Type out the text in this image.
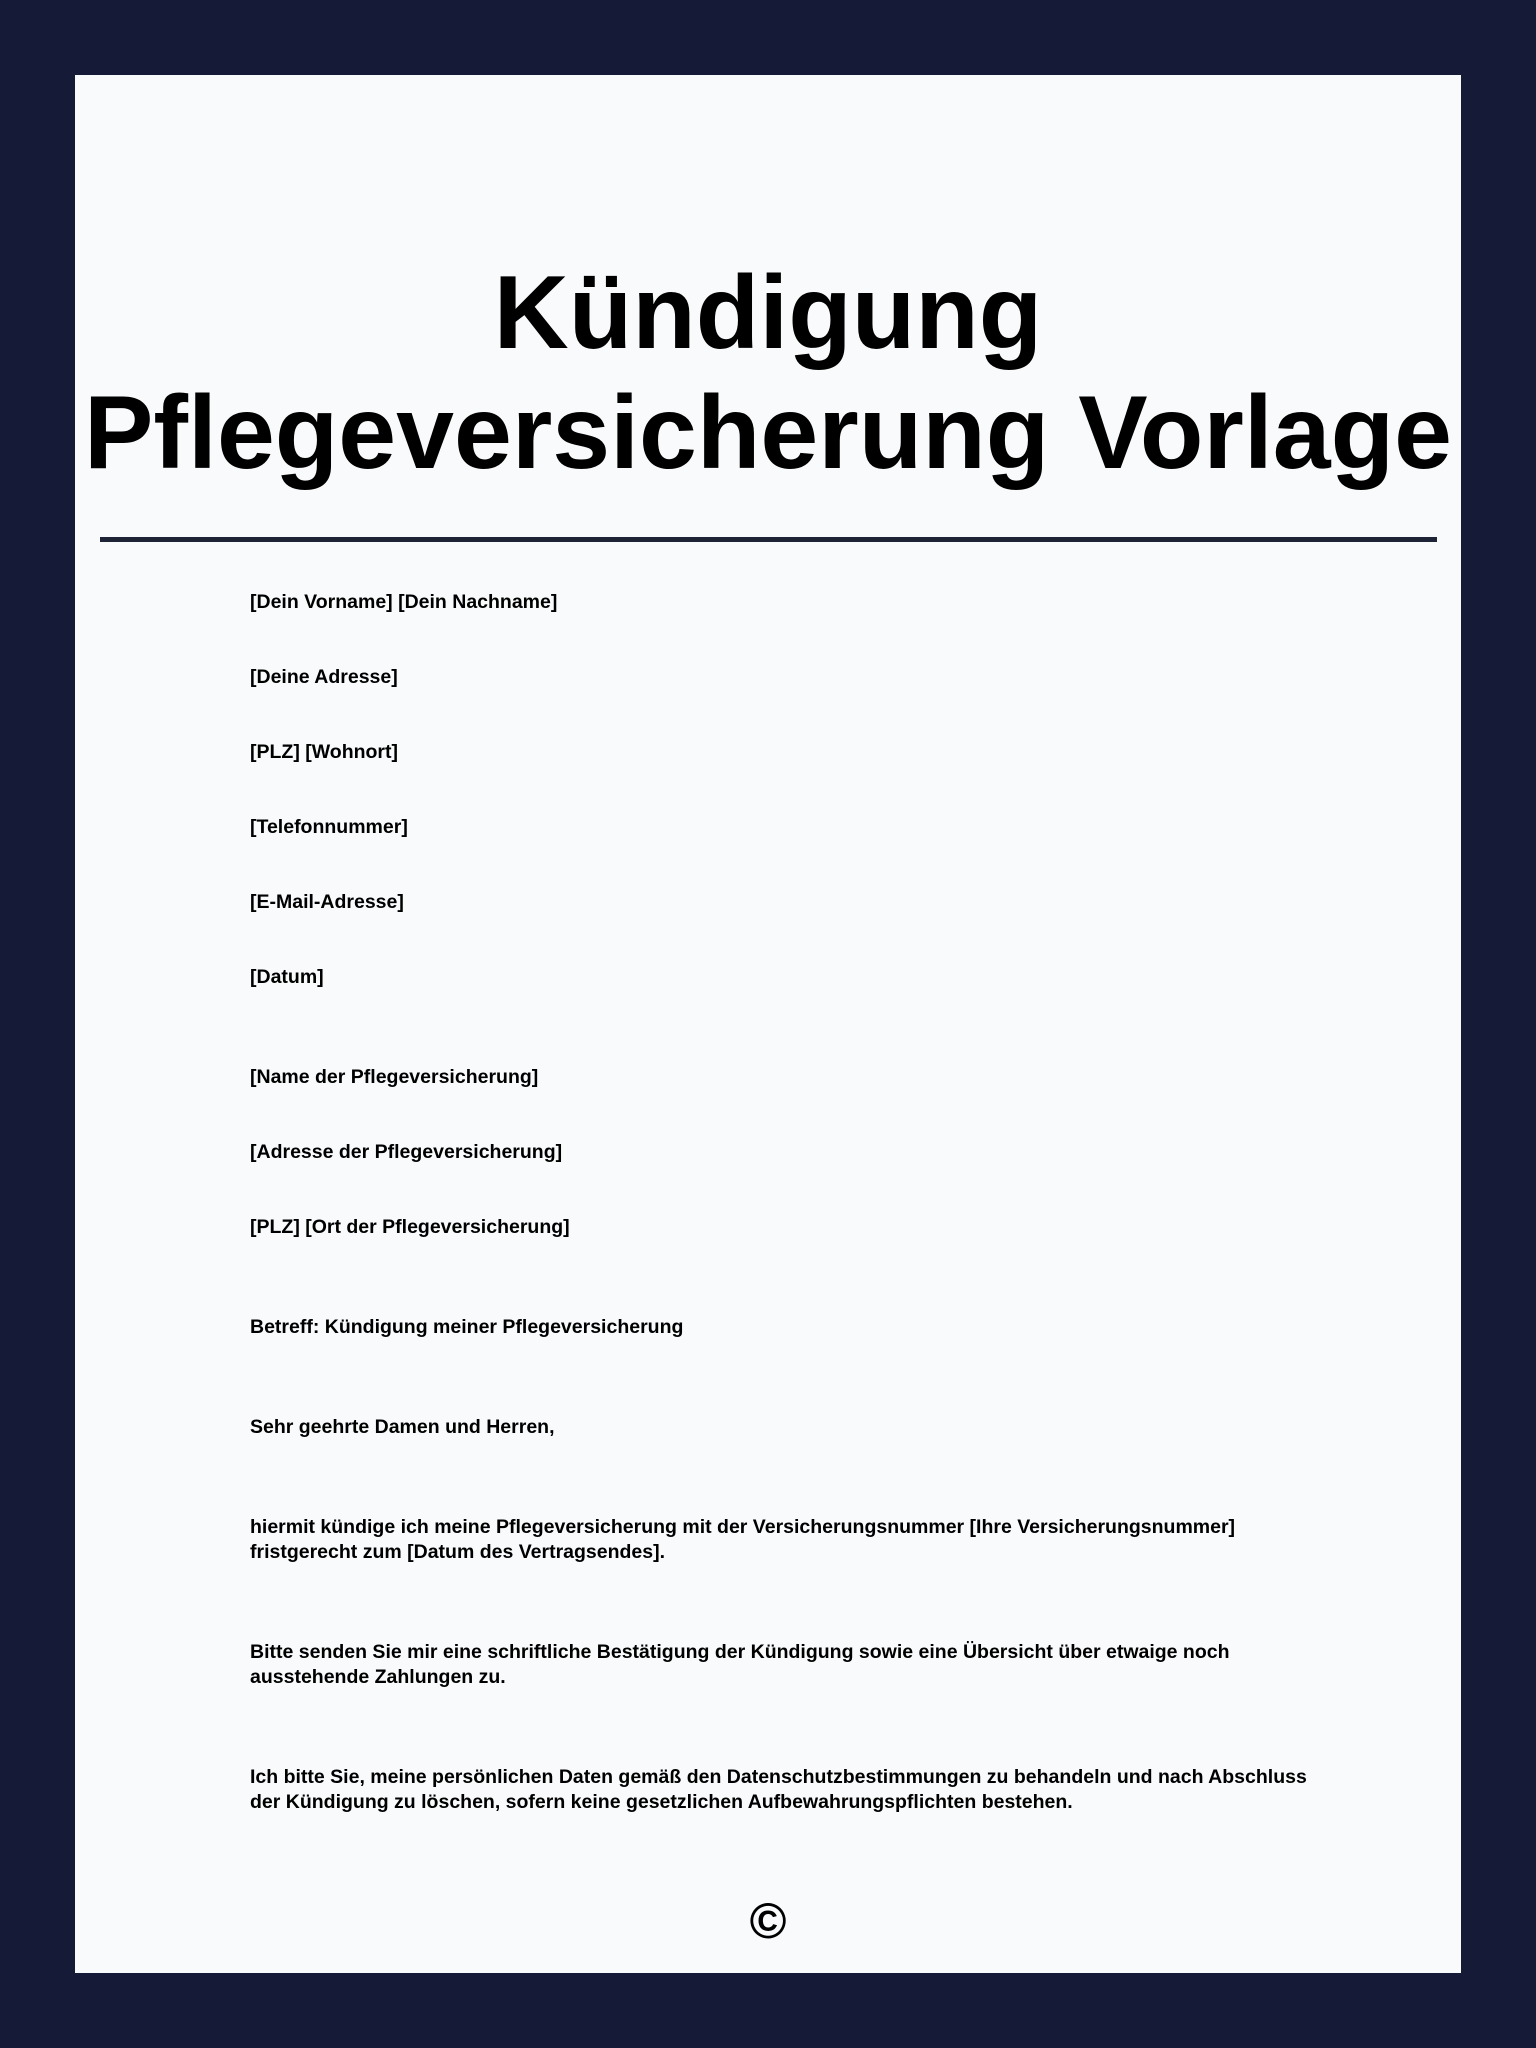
Kündigung Pflegeversicherung Vorlage

[Dein Vorname] [Dein Nachname]

[Deine Adresse]

[PLZ] [Wohnort]

[Telefonnummer]

[E-Mail-Adresse]

[Datum]

[Name der Pflegeversicherung]

[Adresse der Pflegeversicherung]

[PLZ] [Ort der Pflegeversicherung]

Betreff: Kündigung meiner Pflegeversicherung

Sehr geehrte Damen und Herren,

hiermit kündige ich meine Pflegeversicherung mit der Versicherungsnummer [Ihre Versicherungsnummer] fristgerecht zum [Datum des Vertragsendes].

Bitte senden Sie mir eine schriftliche Bestätigung der Kündigung sowie eine Übersicht über etwaige noch ausstehende Zahlungen zu.

Ich bitte Sie, meine persönlichen Daten gemäß den Datenschutzbestimmungen zu behandeln und nach Abschluss der Kündigung zu löschen, sofern keine gesetzlichen Aufbewahrungspflichten bestehen.

©
